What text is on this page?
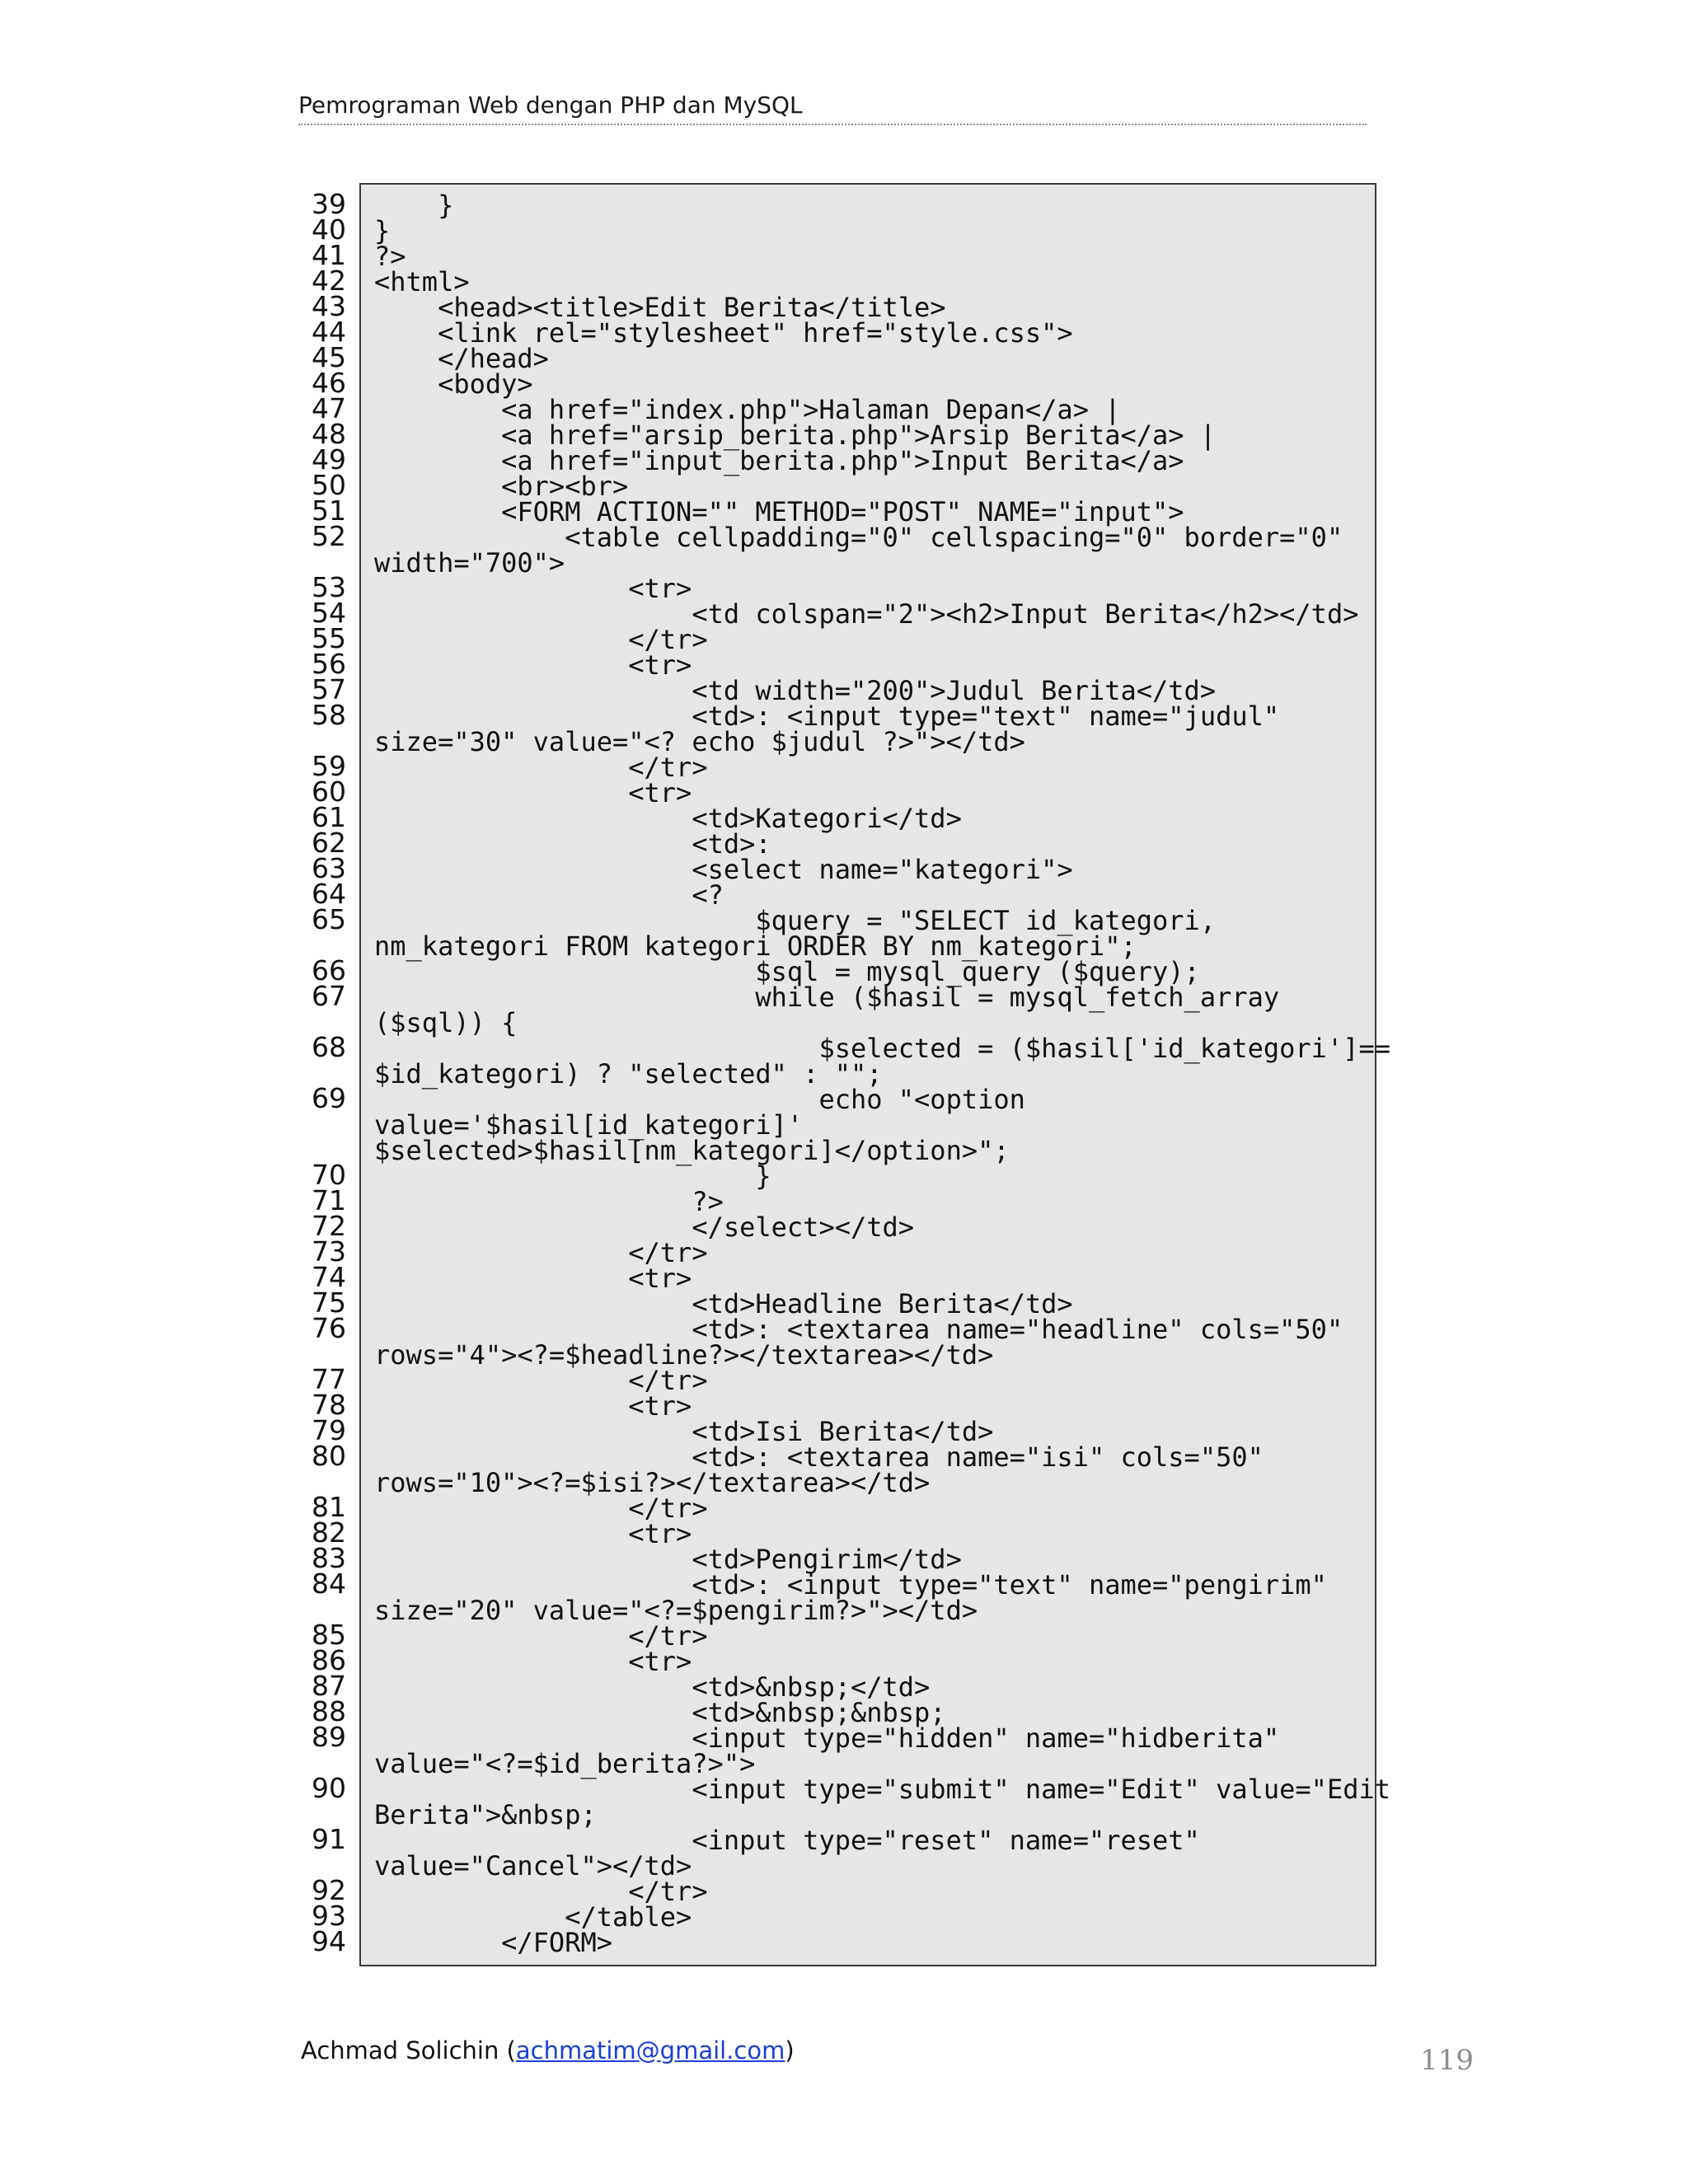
Pemrograman Web dengan PHP dan MySQL
39
40
41
42
43
44
45
46
47
48
49
50
51
52
53
54
55
56
57
58
59
60
61
62
63
64
65
66
67
68
69
70
71
72
73
74
75
76
77
78
79
80
81
82
83
84
85
86
87
88
89
90
91
92
93
94
}
}
?>
<html>
<head><title>Edit Berita</title>
<link rel="stylesheet" href="style.css">
</head>
<body>
<a href="index.php">Halaman Depan</a> |
<a href="arsip_berita.php">Arsip Berita</a> |
<a href="input_berita.php">Input Berita</a>
<br><br>
<FORM ACTION="" METHOD="POST" NAME="input">
<table cellpadding="0" cellspacing="0" border="0"
width="700">
<tr>
<td colspan="2"><h2>Input Berita</h2></td>
</tr>
<tr>
<td width="200">Judul Berita</td>
<td>: <input type="text" name="judul"
size="30" value="<? echo $judul ?>"></td>
</tr>
<tr>
<td>Kategori</td>
<td>:
<select name="kategori">
<?
$query = "SELECT id_kategori,
nm_kategori FROM kategori ORDER BY nm_kategori";
$sql = mysql_query ($query);
while ($hasil = mysql_fetch_array
($sql)) {
$selected = ($hasil['id_kategori']==
$id_kategori) ? "selected" : "";
echo "<option
value='$hasil[id_kategori]'
$selected>$hasil[nm_kategori]</option>";
}
?>
</select></td>
</tr>
<tr>
<td>Headline Berita</td>
<td>: <textarea name="headline" cols="50"
rows="4"><?=$headline?></textarea></td>
</tr>
<tr>
<td>Isi Berita</td>
<td>: <textarea name="isi" cols="50"
rows="10"><?=$isi?></textarea></td>
</tr>
<tr>
<td>Pengirim</td>
<td>: <input type="text" name="pengirim"
size="20" value="<?=$pengirim?>"></td>
</tr>
<tr>
<td>&nbsp;</td>
<td>&nbsp;&nbsp;
<input type="hidden" name="hidberita"
value="<?=$id_berita?>">
<input type="submit" name="Edit" value="Edit
Berita">&nbsp;
<input type="reset" name="reset"
value="Cancel"></td>
</tr>
</table>
</FORM>
Achmad Solichin (achmatim@gmail.com)	119
